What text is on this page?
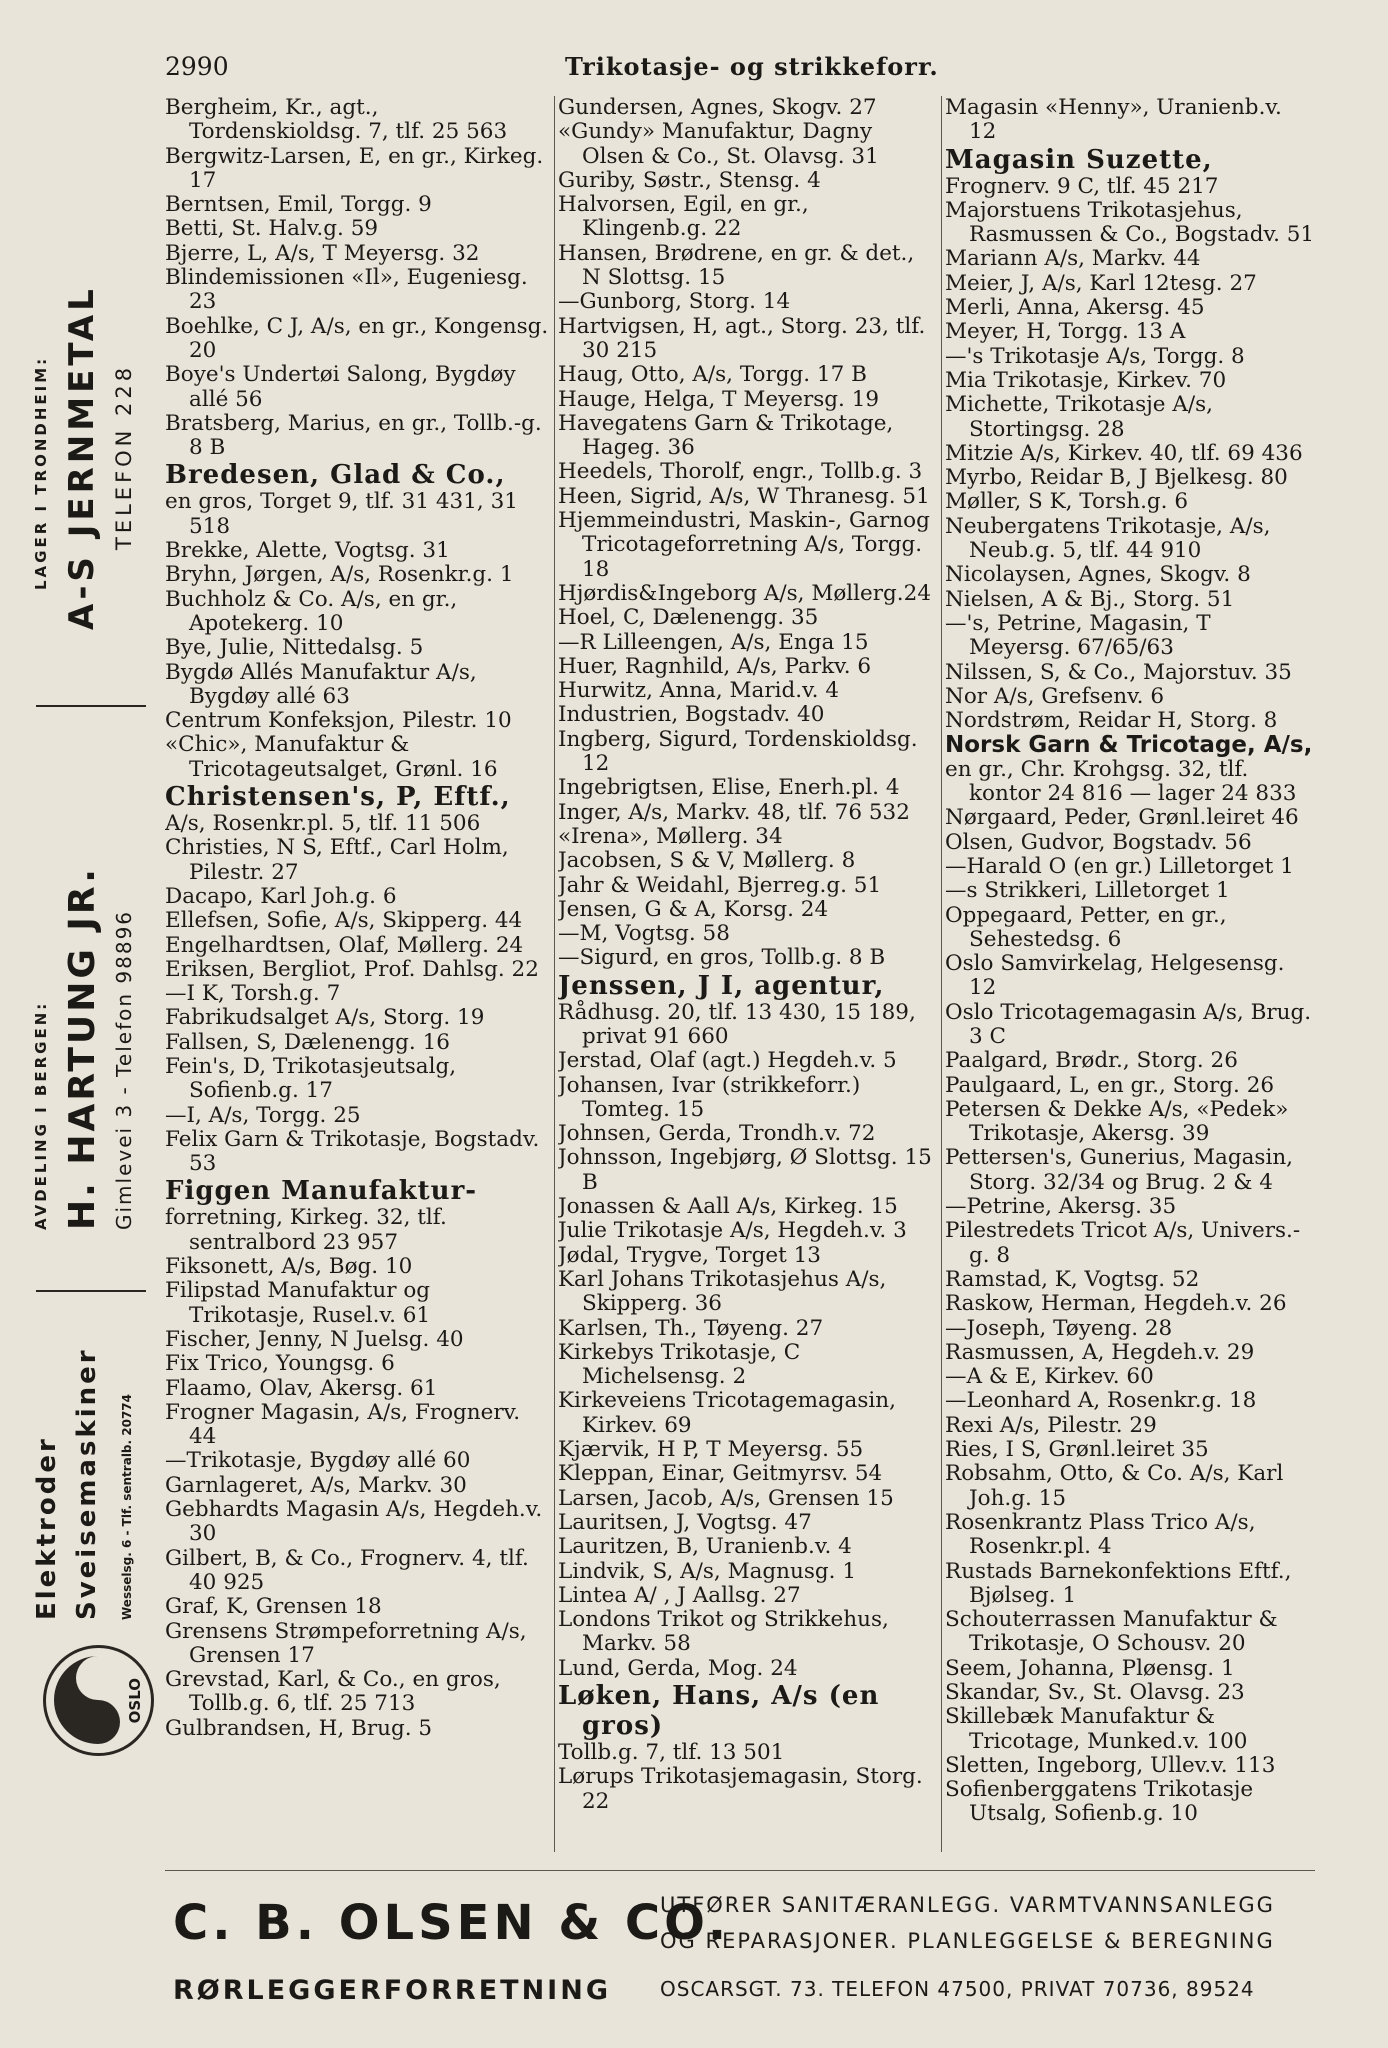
2990	Trikotasje- og strikkeforr.
LAGER I TRONDHEIM: A-S JERNMETAL TELEFON 228
AVDELING I BERGEN: H. HARTUNG JR. Gimlevei 3 - Telefon 98896
Elektroder Sveisemaskiner Wesselsg. 6 - Tlf. sentralb. 20774
OSLO

Bergheim, Kr., agt., Tordenskioldsg. 7, tlf. 25 563

Bergwitz-Larsen, E, en gr., Kirkeg. 17

Berntsen, Emil, Torgg. 9

Betti, St. Halv.g. 59

Bjerre, L, A/s, T Meyersg. 32

Blindemissionen «Il», Eugeniesg. 23

Boehlke, C J, A/s, en gr., Kongensg. 20

Boye's Undertøi Salong, Bygdøy allé 56

Bratsberg, Marius, en gr., Tollb.-g. 8 B

Bredesen, Glad & Co.,

en gros, Torget 9, tlf. 31 431, 31 518

Brekke, Alette, Vogtsg. 31

Bryhn, Jørgen, A/s, Rosenkr.g. 1

Buchholz & Co. A/s, en gr., Apotekerg. 10

Bye, Julie, Nittedalsg. 5

Bygdø Allés Manufaktur A/s, Bygdøy allé 63

Centrum Konfeksjon, Pilestr. 10

«Chic», Manufaktur & Tricotageutsalget, Grønl. 16

Christensen's, P, Eftf.,

A/s, Rosenkr.pl. 5, tlf. 11 506

Christies, N S, Eftf., Carl Holm, Pilestr. 27

Dacapo, Karl Joh.g. 6

Ellefsen, Sofie, A/s, Skipperg. 44

Engelhardtsen, Olaf, Møllerg. 24

Eriksen, Bergliot, Prof. Dahlsg. 22

—I K, Torsh.g. 7

Fabrikudsalget A/s, Storg. 19

Fallsen, S, Dælenengg. 16

Fein's, D, Trikotasjeutsalg, Sofienb.g. 17

—I, A/s, Torgg. 25

Felix Garn & Trikotasje, Bogstadv. 53

Figgen Manufaktur-

forretning, Kirkeg. 32, tlf. sentralbord 23 957

Fiksonett, A/s, Bøg. 10

Filipstad Manufaktur og Trikotasje, Rusel.v. 61

Fischer, Jenny, N Juelsg. 40

Fix Trico, Youngsg. 6

Flaamo, Olav, Akersg. 61

Frogner Magasin, A/s, Frognerv. 44

—Trikotasje, Bygdøy allé 60

Garnlageret, A/s, Markv. 30

Gebhardts Magasin A/s, Hegdeh.v. 30

Gilbert, B, & Co., Frognerv. 4, tlf. 40 925

Graf, K, Grensen 18

Grensens Strømpeforretning A/s, Grensen 17

Grevstad, Karl, & Co., en gros, Tollb.g. 6, tlf. 25 713

Gulbrandsen, H, Brug. 5

Gundersen, Agnes, Skogv. 27

«Gundy» Manufaktur, Dagny Olsen & Co., St. Olavsg. 31

Guriby, Søstr., Stensg. 4

Halvorsen, Egil, en gr., Klingenb.g. 22

Hansen, Brødrene, en gr. & det., N Slottsg. 15

—Gunborg, Storg. 14

Hartvigsen, H, agt., Storg. 23, tlf. 30 215

Haug, Otto, A/s, Torgg. 17 B

Hauge, Helga, T Meyersg. 19

Havegatens Garn & Trikotage, Hageg. 36

Heedels, Thorolf, engr., Tollb.g. 3

Heen, Sigrid, A/s, W Thranesg. 51

Hjemmeindustri, Maskin-, Garnog Tricotageforretning A/s, Torgg. 18

Hjørdis&Ingeborg A/s, Møllerg.24

Hoel, C, Dælenengg. 35

—R Lilleengen, A/s, Enga 15

Huer, Ragnhild, A/s, Parkv. 6

Hurwitz, Anna, Marid.v. 4

Industrien, Bogstadv. 40

Ingberg, Sigurd, Tordenskioldsg. 12

Ingebrigtsen, Elise, Enerh.pl. 4

Inger, A/s, Markv. 48, tlf. 76 532

«Irena», Møllerg. 34

Jacobsen, S & V, Møllerg. 8

Jahr & Weidahl, Bjerreg.g. 51

Jensen, G & A, Korsg. 24

—M, Vogtsg. 58

—Sigurd, en gros, Tollb.g. 8 B

Jenssen, J I, agentur,

Rådhusg. 20, tlf. 13 430, 15 189, privat 91 660

Jerstad, Olaf (agt.) Hegdeh.v. 5

Johansen, Ivar (strikkeforr.) Tomteg. 15

Johnsen, Gerda, Trondh.v. 72

Johnsson, Ingebjørg, Ø Slottsg. 15 B

Jonassen & Aall A/s, Kirkeg. 15

Julie Trikotasje A/s, Hegdeh.v. 3

Jødal, Trygve, Torget 13

Karl Johans Trikotasjehus A/s, Skipperg. 36

Karlsen, Th., Tøyeng. 27

Kirkebys Trikotasje, C Michelsensg. 2

Kirkeveiens Tricotagemagasin, Kirkev. 69

Kjærvik, H P, T Meyersg. 55

Kleppan, Einar, Geitmyrsv. 54

Larsen, Jacob, A/s, Grensen 15

Lauritsen, J, Vogtsg. 47

Lauritzen, B, Uranienb.v. 4

Lindvik, S, A/s, Magnusg. 1

Lintea A/ , J Aallsg. 27

Londons Trikot og Strikkehus, Markv. 58

Lund, Gerda, Mog. 24

Løken, Hans, A/s (en gros)

Tollb.g. 7, tlf. 13 501

Lørups Trikotasjemagasin, Storg. 22

Magasin «Henny», Uranienb.v. 12

Magasin Suzette,

Frognerv. 9 C, tlf. 45 217

Majorstuens Trikotasjehus, Rasmussen & Co., Bogstadv. 51

Mariann A/s, Markv. 44

Meier, J, A/s, Karl 12tesg. 27

Merli, Anna, Akersg. 45

Meyer, H, Torgg. 13 A

—'s Trikotasje A/s, Torgg. 8

Mia Trikotasje, Kirkev. 70

Michette, Trikotasje A/s, Stortingsg. 28

Mitzie A/s, Kirkev. 40, tlf. 69 436

Myrbo, Reidar B, J Bjelkesg. 80

Møller, S K, Torsh.g. 6

Neubergatens Trikotasje, A/s, Neub.g. 5, tlf. 44 910

Nicolaysen, Agnes, Skogv. 8

Nielsen, A & Bj., Storg. 51

—'s, Petrine, Magasin, T Meyersg. 67/65/63

Nilssen, S, & Co., Majorstuv. 35

Nor A/s, Grefsenv. 6

Nordstrøm, Reidar H, Storg. 8

Norsk Garn & Tricotage, A/s,

en gr., Chr. Krohgsg. 32, tlf. kontor 24 816 — lager 24 833

Nørgaard, Peder, Grønl.leiret 46

Olsen, Gudvor, Bogstadv. 56

—Harald O (en gr.) Lilletorget 1

—s Strikkeri, Lilletorget 1

Oppegaard, Petter, en gr., Sehestedsg. 6

Oslo Samvirkelag, Helgesensg. 12

Oslo Tricotagemagasin A/s, Brug. 3 C

Paalgard, Brødr., Storg. 26

Paulgaard, L, en gr., Storg. 26

Petersen & Dekke A/s, «Pedek» Trikotasje, Akersg. 39

Pettersen's, Gunerius, Magasin, Storg. 32/34 og Brug. 2 & 4

—Petrine, Akersg. 35

Pilestredets Tricot A/s, Univers.-g. 8

Ramstad, K, Vogtsg. 52

Raskow, Herman, Hegdeh.v. 26

—Joseph, Tøyeng. 28

Rasmussen, A, Hegdeh.v. 29

—A & E, Kirkev. 60

—Leonhard A, Rosenkr.g. 18

Rexi A/s, Pilestr. 29

Ries, I S, Grønl.leiret 35

Robsahm, Otto, & Co. A/s, Karl Joh.g. 15

Rosenkrantz Plass Trico A/s, Rosenkr.pl. 4

Rustads Barnekonfektions Eftf., Bjølseg. 1

Schouterrassen Manufaktur & Trikotasje, O Schousv. 20

Seem, Johanna, Pløensg. 1

Skandar, Sv., St. Olavsg. 23

Skillebæk Manufaktur & Tricotage, Munked.v. 100

Sletten, Ingeborg, Ullev.v. 113

Sofienberggatens Trikotasje Utsalg, Sofienb.g. 10

C. B. OLSEN & CO.
RØRLEGGERFORRETNING
UTFØRER SANITÆRANLEGG. VARMTVANNSANLEGG
OG REPARASJONER. PLANLEGGELSE & BEREGNING
OSCARSGT. 73. TELEFON 47500, PRIVAT 70736, 89524
